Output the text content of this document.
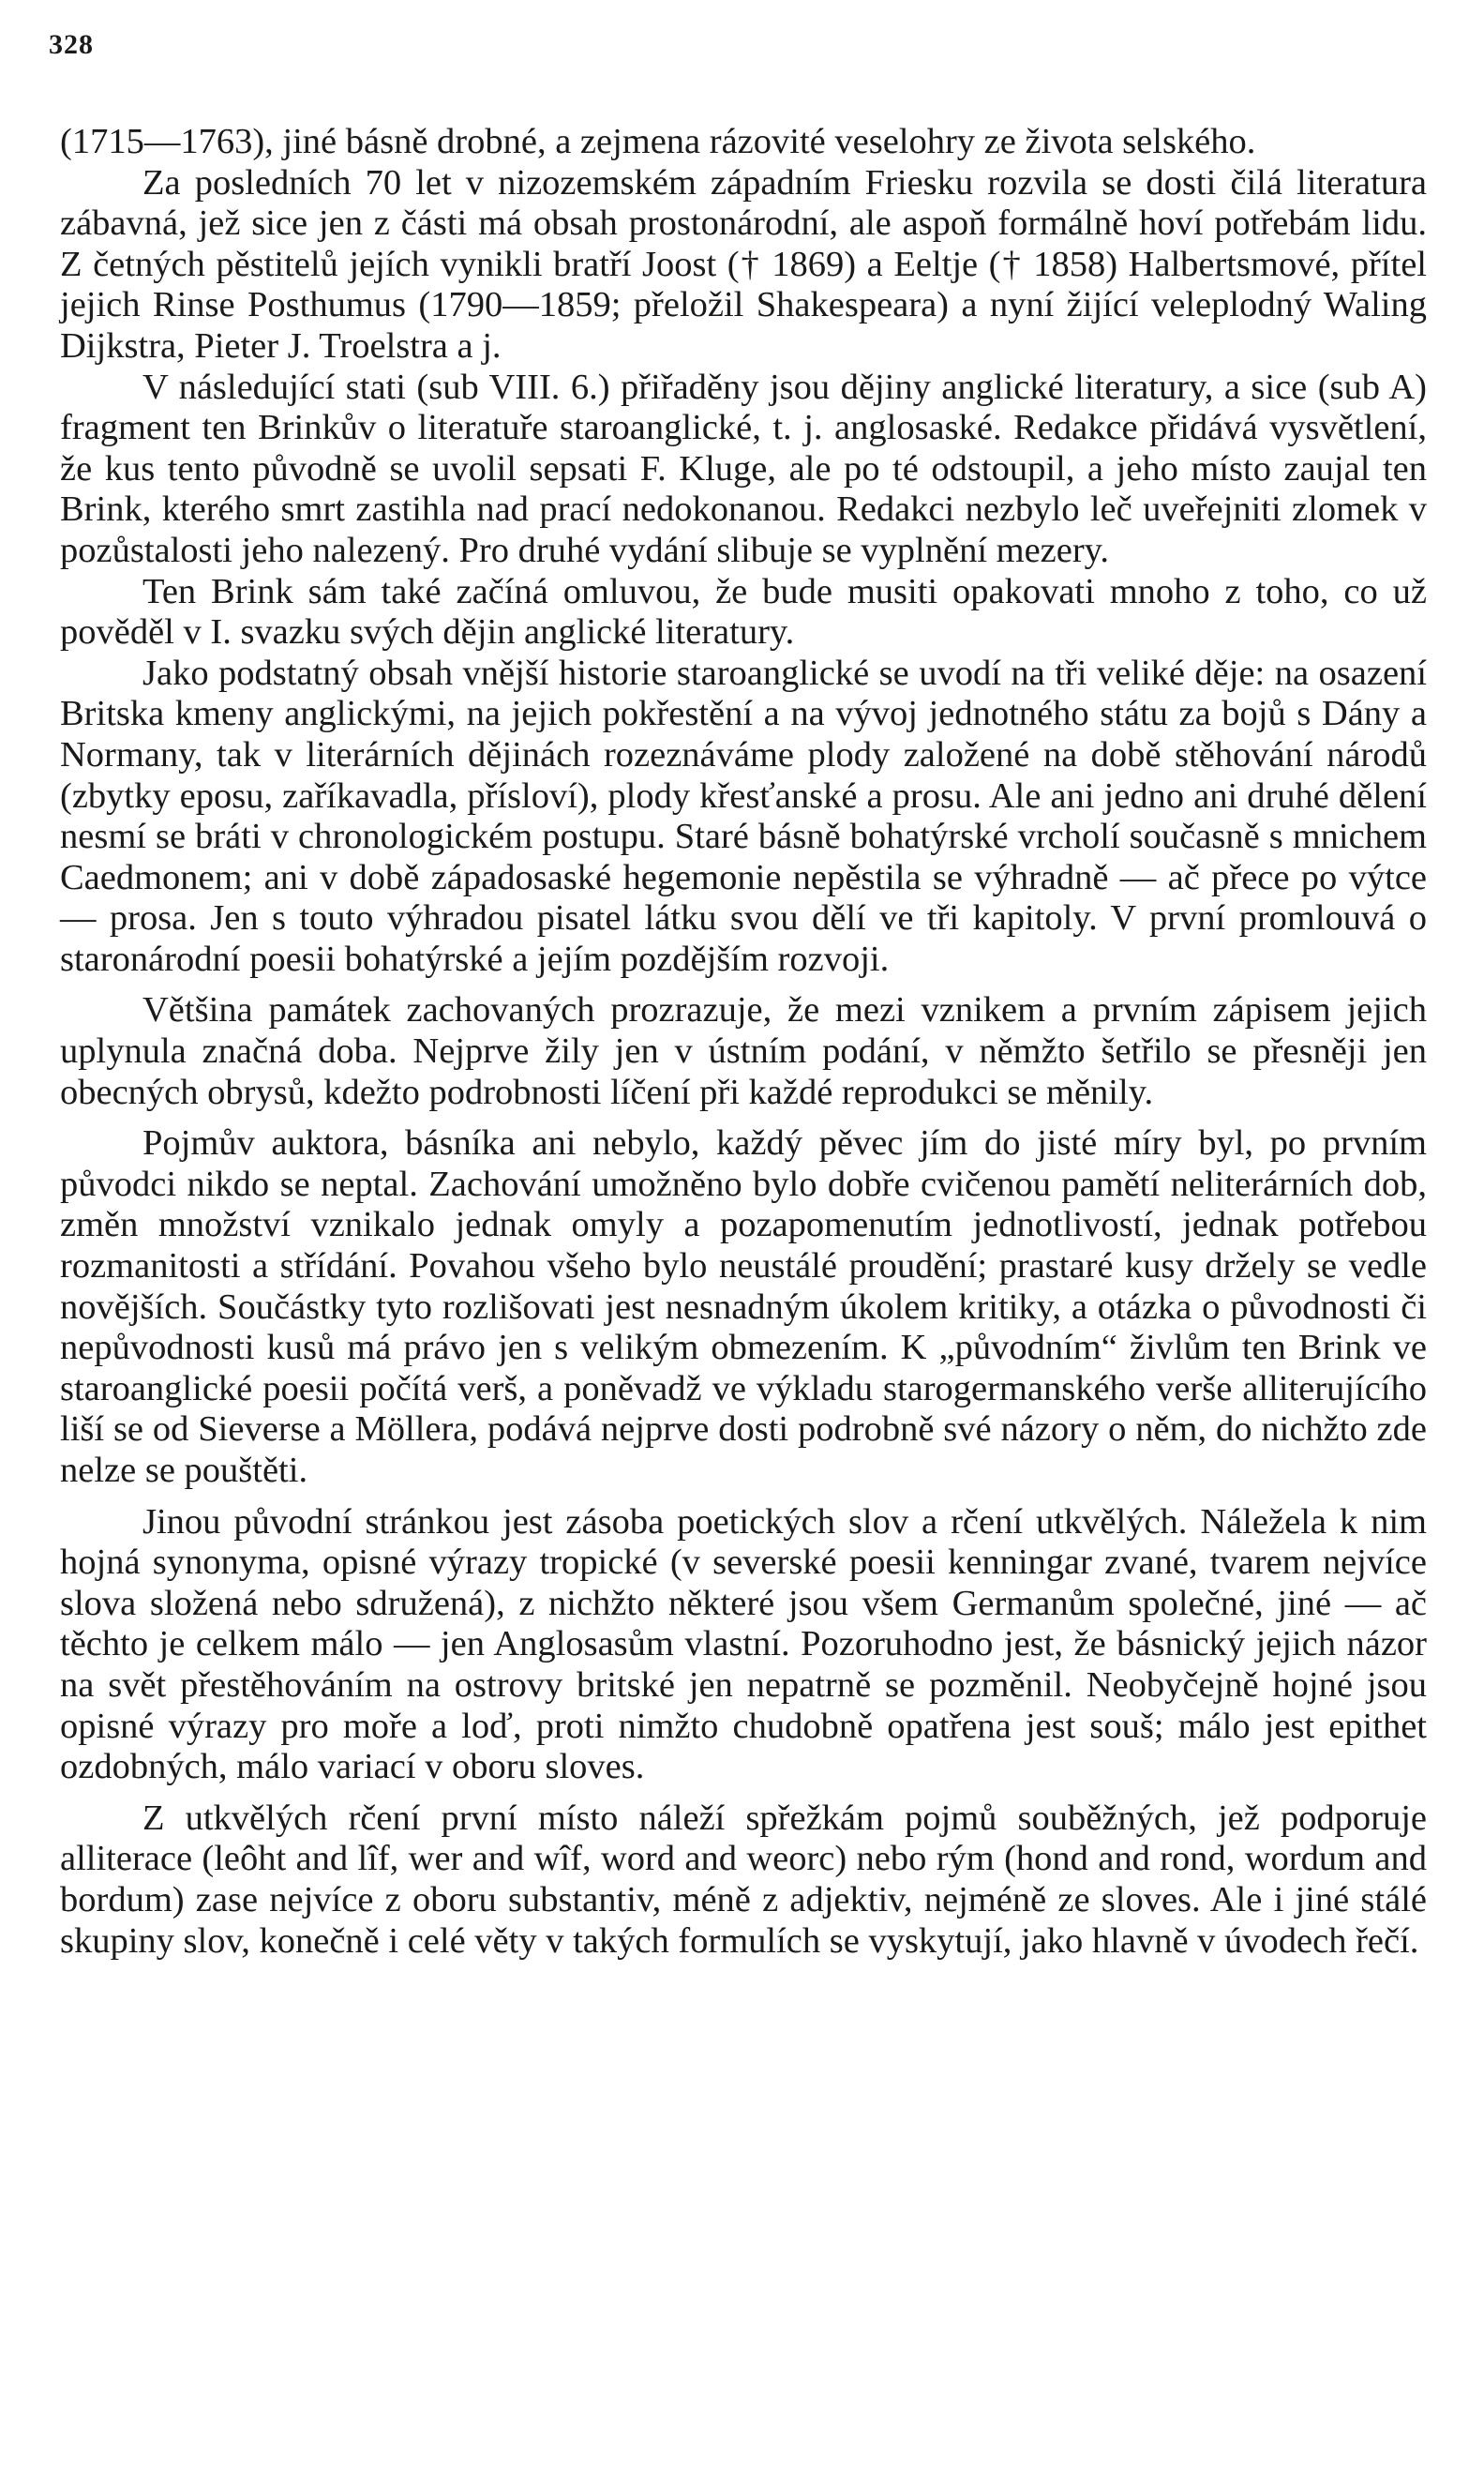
328

(1715—1763), jiné básně drobné, a zejmena rázovité veselohry ze života selského.

Za posledních 70 let v nizozemském západním Friesku rozvila se dosti čilá literatura zábavná, jež sice jen z části má obsah prostonárodní, ale aspoň formálně hoví potřebám lidu. Z četných pěstitelů jejích vynikli bratří Joost († 1869) a Eeltje († 1858) Halbertsmové, přítel jejich Rinse Posthumus (1790—1859; přeložil Shakespeara) a nyní žijící veleplodný Waling Dijkstra, Pieter J. Troelstra a j.

V následující stati (sub VIII. 6.) přiřaděny jsou dějiny anglické literatury, a sice (sub A) fragment ten Brinkův o literatuře staroanglické, t. j. anglosaské. Redakce přidává vysvětlení, že kus tento původně se uvolil sepsati F. Kluge, ale po té odstoupil, a jeho místo zaujal ten Brink, kterého smrt zastihla nad prací nedokonanou. Redakci nezbylo leč uveřejniti zlomek v pozůstalosti jeho nalezený. Pro druhé vydání slibuje se vyplnění mezery.

Ten Brink sám také začíná omluvou, že bude musiti opakovati mnoho z toho, co už pověděl v I. svazku svých dějin anglické literatury.

Jako podstatný obsah vnější historie staroanglické se uvodí na tři veliké děje: na osazení Britska kmeny anglickými, na jejich pokřestění a na vývoj jednotného státu za bojů s Dány a Normany, tak v literárních dějinách rozeznáváme plody založené na době stěhování národů (zbytky eposu, zaříkavadla, přísloví), plody křesťanské a prosu. Ale ani jedno ani druhé dělení nesmí se bráti v chronologickém postupu. Staré básně bohatýrské vrcholí současně s mnichem Caedmonem; ani v době západosaské hegemonie nepěstila se výhradně — ač přece po výtce — prosa. Jen s touto výhradou pisatel látku svou dělí ve tři kapitoly. V první promlouvá o staronárodní poesii bohatýrské a jejím pozdějším rozvoji.

Většina památek zachovaných prozrazuje, že mezi vznikem a prvním zápisem jejich uplynula značná doba. Nejprve žily jen v ústním podání, v němžto šetřilo se přesněji jen obecných obrysů, kdežto podrobnosti líčení při každé reprodukci se měnily.

Pojmův auktora, básníka ani nebylo, každý pěvec jím do jisté míry byl, po prvním původci nikdo se neptal. Zachování umožněno bylo dobře cvičenou pamětí neliterárních dob, změn množství vznikalo jednak omyly a pozapomenutím jednotlivostí, jednak potřebou rozmanitosti a střídání. Povahou všeho bylo neustálé proudění; prastaré kusy držely se vedle novějších. Součástky tyto rozlišovati jest nesnadným úkolem kritiky, a otázka o původnosti či nepůvodnosti kusů má právo jen s velikým obmezením. K „původním“ živlům ten Brink ve staroanglické poesii počítá verš, a poněvadž ve výkladu starogermanského verše alliterujícího liší se od Sieverse a Möllera, podává nejprve dosti podrobně své názory o něm, do nichžto zde nelze se pouštěti.

Jinou původní stránkou jest zásoba poetických slov a rčení utkvělých. Náležela k nim hojná synonyma, opisné výrazy tropické (v severské poesii kenningar zvané, tvarem nejvíce slova složená nebo sdružená), z nichžto některé jsou všem Germanům společné, jiné — ač těchto je celkem málo — jen Anglosasům vlastní. Pozoruhodno jest, že básnický jejich názor na svět přestěhováním na ostrovy britské jen nepatrně se pozměnil. Neobyčejně hojné jsou opisné výrazy pro moře a loď, proti nimžto chudobně opatřena jest souš; málo jest epithet ozdobných, málo variací v oboru sloves.

Z utkvělých rčení první místo náleží spřežkám pojmů souběžných, jež podporuje alliterace (leôht and lîf, wer and wîf, word and weorc) nebo rým (hond and rond, wordum and bordum) zase nejvíce z oboru substantiv, méně z adjektiv, nejméně ze sloves. Ale i jiné stálé skupiny slov, konečně i celé věty v takých formulích se vyskytují, jako hlavně v úvodech řečí.
